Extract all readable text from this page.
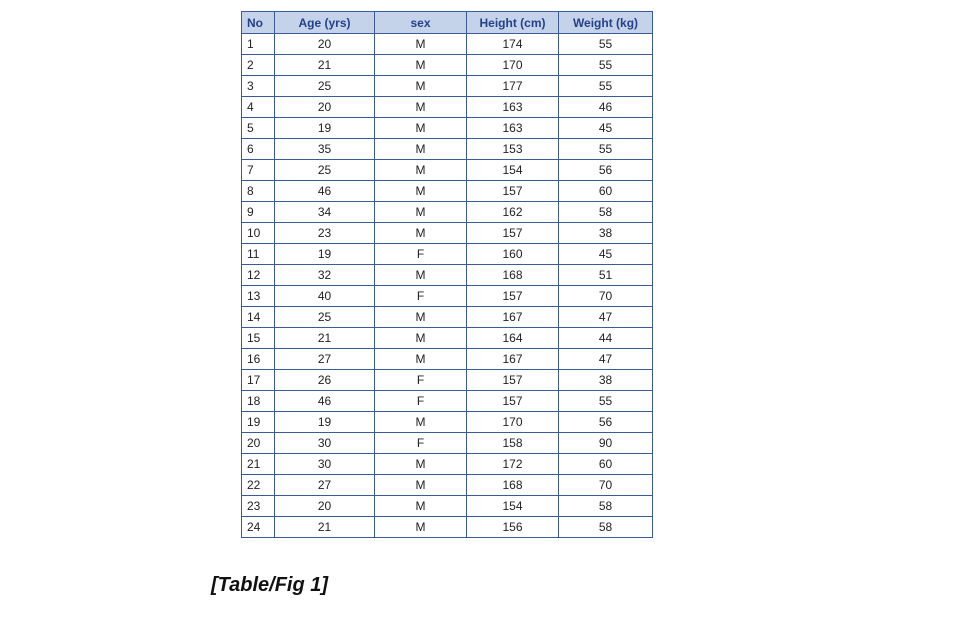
No	Age (yrs)	sex	Height (cm)	Weight (kg)
1	20	M	174	55
2	21	M	170	55
3	25	M	177	55
4	20	M	163	46
5	19	M	163	45
6	35	M	153	55
7	25	M	154	56
8	46	M	157	60
9	34	M	162	58
10	23	M	157	38
11	19	F	160	45
12	32	M	168	51
13	40	F	157	70
14	25	M	167	47
15	21	M	164	44
16	27	M	167	47
17	26	F	157	38
18	46	F	157	55
19	19	M	170	56
20	30	F	158	90
21	30	M	172	60
22	27	M	168	70
23	20	M	154	58
24	21	M	156	58

[Table/Fig 1]
